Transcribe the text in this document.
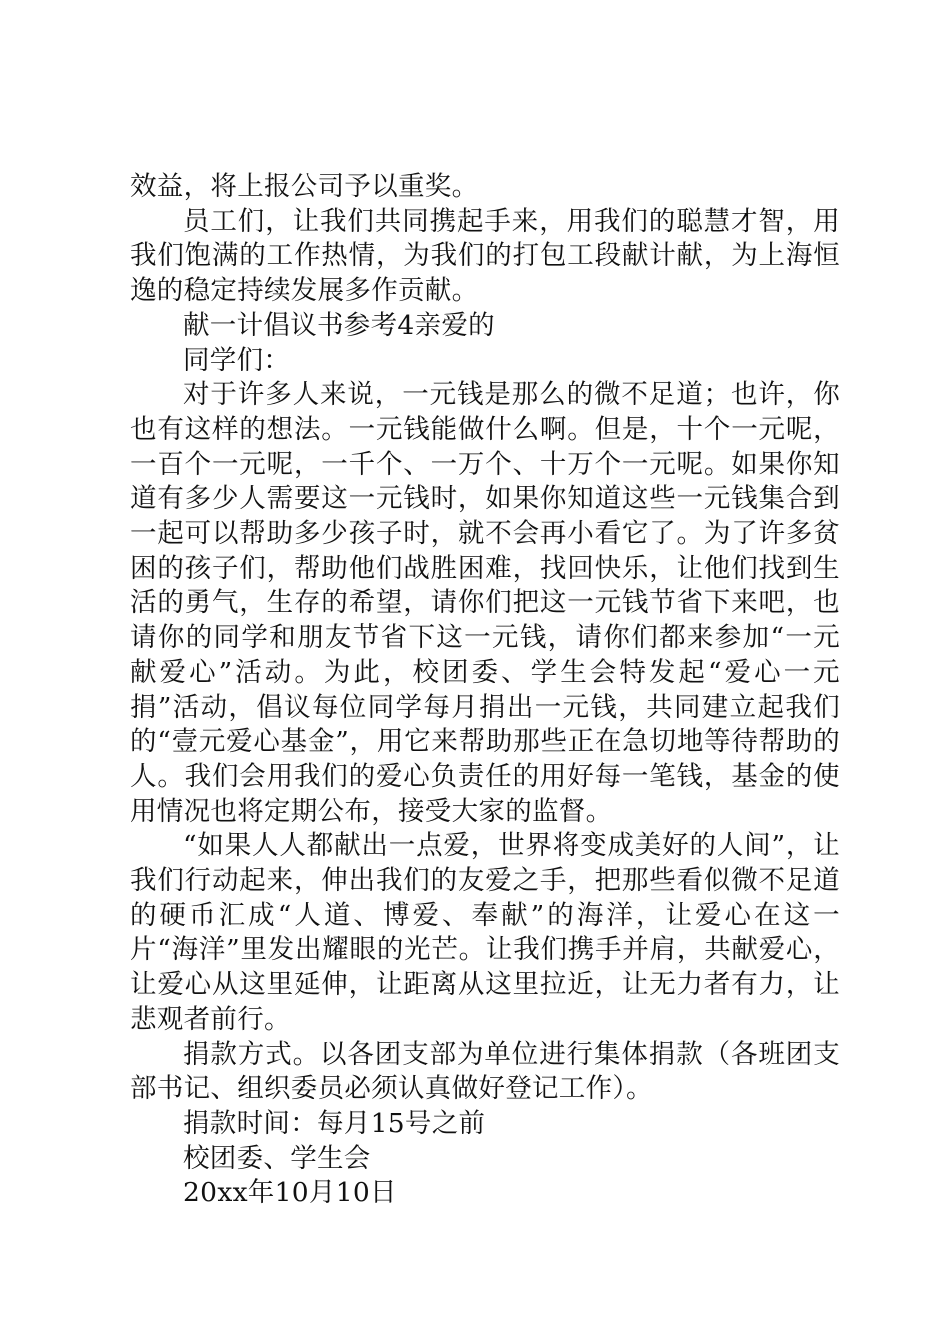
效益，将上报公司予以重奖。

员工们，让我们共同携起手来，用我们的聪慧才智，用我们饱满的工作热情，为我们的打包工段献计献，为上海恒逸的稳定持续发展多作贡献。

献一计倡议书参考4亲爱的

同学们：

对于许多人来说，一元钱是那么的微不足道；也许，你也有这样的想法。一元钱能做什么啊。但是，十个一元呢，一百个一元呢，一千个、一万个、十万个一元呢。如果你知道有多少人需要这一元钱时，如果你知道这些一元钱集合到一起可以帮助多少孩子时，就不会再小看它了。为了许多贫困的孩子们，帮助他们战胜困难，找回快乐，让他们找到生活的勇气，生存的希望，请你们把这一元钱节省下来吧，也请你的同学和朋友节省下这一元钱，请你们都来参加“一元献爱心”活动。为此，校团委、学生会特发起“爱心一元捐”活动，倡议每位同学每月捐出一元钱，共同建立起我们的“壹元爱心基金”，用它来帮助那些正在急切地等待帮助的人。我们会用我们的爱心负责任的用好每一笔钱，基金的使用情况也将定期公布，接受大家的监督。

“如果人人都献出一点爱，世界将变成美好的人间”，让我们行动起来，伸出我们的友爱之手，把那些看似微不足道的硬币汇成“人道、博爱、奉献”的海洋，让爱心在这一片“海洋”里发出耀眼的光芒。让我们携手并肩，共献爱心，让爱心从这里延伸，让距离从这里拉近，让无力者有力，让悲观者前行。

捐款方式。以各团支部为单位进行集体捐款（各班团支部书记、组织委员必须认真做好登记工作）。

捐款时间：每月15号之前

校团委、学生会

20xx年10月10日
